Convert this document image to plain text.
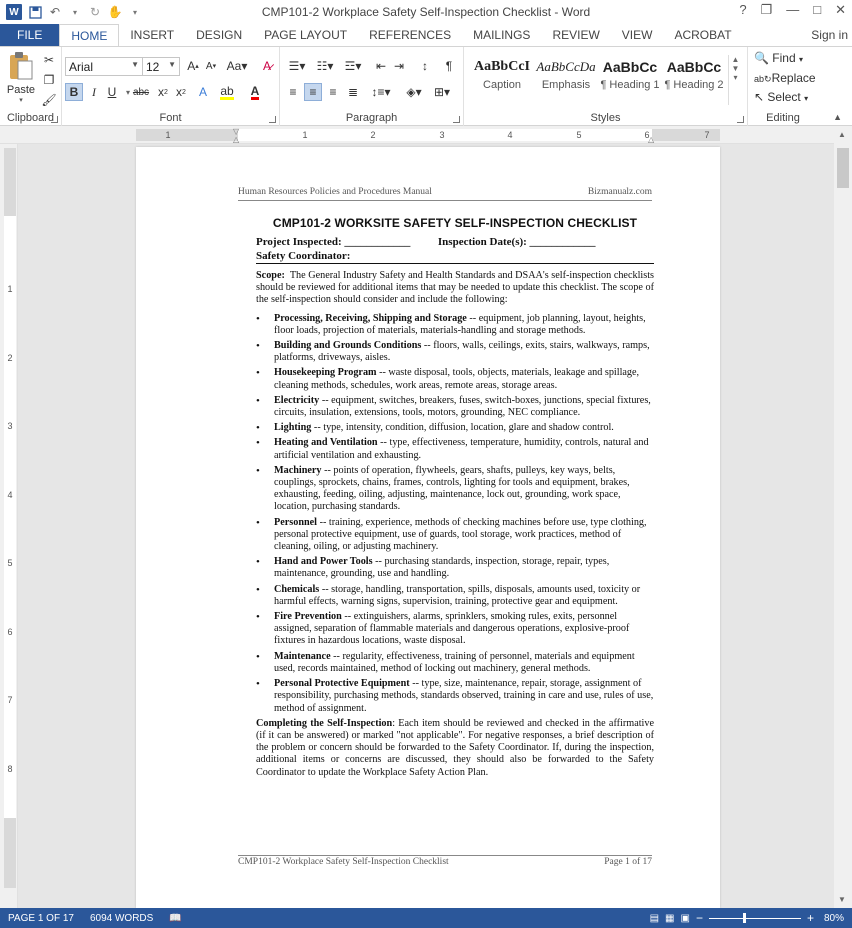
W	↶	▾	↻ ✋	▾	CMP101-2 Workplace Safety Self-Inspection Checklist - Word	? ❐ — □ ✕
FILE	HOME	INSERT	DESIGN	PAGE LAYOUT	REFERENCES	MAILINGS	REVIEW	VIEW	ACROBAT	Sign in
Paste
▾
✂
❐
🖌
Clipboard
Arial	▼ 12 ▼ A ▴ A ▾ Aa▾	A̷
B	I U	▾ abc x 2 x 2	A	ab A
Font
☰▾ ☷▾ ☲▾	⇤ ⇥	↕	¶
≡	≡	≡ ≣	↕≡▾	◈▾	⊞▾
Paragraph
AaBbCcI
Caption
AaBbCcDa
Emphasis
AaBbCc
¶ Heading 1
AaBbCc
¶ Heading 2
▲
▼
▾
Styles
🔍 Find ▾
ab↻Replace
↖ Select ▾
Editing	▲
1	1	2	3	4	5	6	7
▽
△	△
1
2
3
4
5
6
7
8
Human Resources Policies and Procedures Manual	Bizmanualz.com
CMP101-2 WORKSITE SAFETY SELF-INSPECTION CHECKLIST
Project Inspected: ____________	Inspection Date(s): ____________
Safety Coordinator:
Scope: The General Industry Safety and Health Standards and DSAA's self-inspection checklists should be reviewed for additional items that may be needed to update this checklist. The scope of the self-inspection should consider and include the following:
• Processing, Receiving, Shipping and Storage -- equipment, job planning, layout, heights, floor loads, projection of materials, materials-handling and storage methods.
• Building and Grounds Conditions -- floors, walls, ceilings, exits, stairs, walkways, ramps, platforms, driveways, aisles.
• Housekeeping Program -- waste disposal, tools, objects, materials, leakage and spillage, cleaning methods, schedules, work areas, remote areas, storage areas.
• Electricity -- equipment, switches, breakers, fuses, switch-boxes, junctions, special fixtures, circuits, insulation, extensions, tools, motors, grounding, NEC compliance.
• Lighting -- type, intensity, condition, diffusion, location, glare and shadow control.
• Heating and Ventilation -- type, effectiveness, temperature, humidity, controls, natural and artificial ventilation and exhausting.
• Machinery -- points of operation, flywheels, gears, shafts, pulleys, key ways, belts, couplings, sprockets, chains, frames, controls, lighting for tools and equipment, brakes, exhausting, feeding, oiling, adjusting, maintenance, lock out, grounding, work space, location, purchasing standards.
• Personnel -- training, experience, methods of checking machines before use, type clothing, personal protective equipment, use of guards, tool storage, work practices, method of cleaning, oiling, or adjusting machinery.
• Hand and Power Tools -- purchasing standards, inspection, storage, repair, types, maintenance, grounding, use and handling.
• Chemicals -- storage, handling, transportation, spills, disposals, amounts used, toxicity or harmful effects, warning signs, supervision, training, protective gear and equipment.
• Fire Prevention -- extinguishers, alarms, sprinklers, smoking rules, exits, personnel assigned, separation of flammable materials and dangerous operations, explosive-proof fixtures in hazardous locations, waste disposal.
• Maintenance -- regularity, effectiveness, training of personnel, materials and equipment used, records maintained, method of locking out machinery, general methods.
• Personal Protective Equipment -- type, size, maintenance, repair, storage, assignment of responsibility, purchasing methods, standards observed, training in care and use, rules of use, method of assignment.
Completing the Self-Inspection: Each item should be reviewed and checked in the affirmative (if it can be answered) or marked "not applicable". For negative responses, a brief description of the problem or concern should be forwarded to the Safety Coordinator. If, during the inspection, additional items or concerns are discussed, they should also be forwarded to the Safety Coordinator to update the Workplace Safety Action Plan.
CMP101-2 Workplace Safety Self-Inspection Checklist	Page 1 of 17
▲
▼
PAGE 1 OF 17	6094 WORDS	📖	▤ ▦ ▣ −	+ 80%
